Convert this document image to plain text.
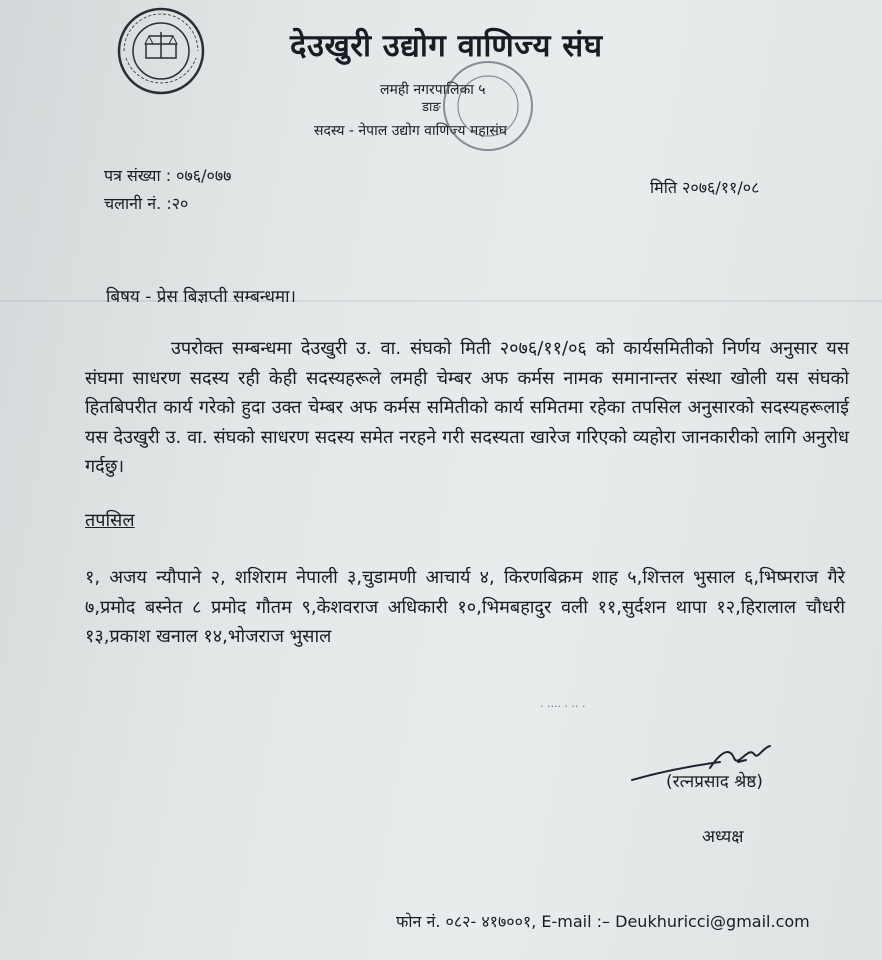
देउखुरी उद्योग वाणिज्य संघ
लमही नगरपालिका ५
डाङ
सदस्य - नेपाल उद्योग वाणिज्य महासंघ
पत्र संख्या : ०७६/०७७
चलानी नं. :२०
मिति २०७६/११/०८
बिषय - प्रेस बिज्ञप्ती सम्बन्धमा।
उपरोक्त सम्बन्धमा देउखुरी उ. वा. संघको मिती २०७६/११/०६ को कार्यसमितीको निर्णय अनुसार यस संघमा साधरण सदस्य रही केही सदस्यहरूले लमही चेम्बर अफ कर्मस नामक समानान्तर संस्था खोली यस संघको हितबिपरीत कार्य गरेको हुदा उक्त चेम्बर अफ कर्मस समितीको कार्य समितमा रहेका तपसिल अनुसारको सदस्यहरूलाई यस देउखुरी उ. वा. संघको साधरण सदस्य समेत नरहने गरी सदस्यता खारेज गरिएको व्यहोरा जानकारीको लागि अनुरोध गर्दछु।
तपसिल
१, अजय न्यौपाने २, शशिराम नेपाली ३,चुडामणी आचार्य ४, किरणबिक्रम शाह ५,शित्तल भुसाल ६,भिष्मराज गैरे ७,प्रमोद बस्नेत ८ प्रमोद गौतम ९,केशवराज अधिकारी १०,भिमबहादुर वली ११,सुर्दशन थापा १२,हिरालाल चौधरी १३,प्रकाश खनाल १४,भोजराज भुसाल
· ···· · ·· ·
(रत्नप्रसाद श्रेष्ठ)
अध्यक्ष
फोन नं. ०८२- ४१७००१, E-mail :– Deukhuricci@gmail.com
